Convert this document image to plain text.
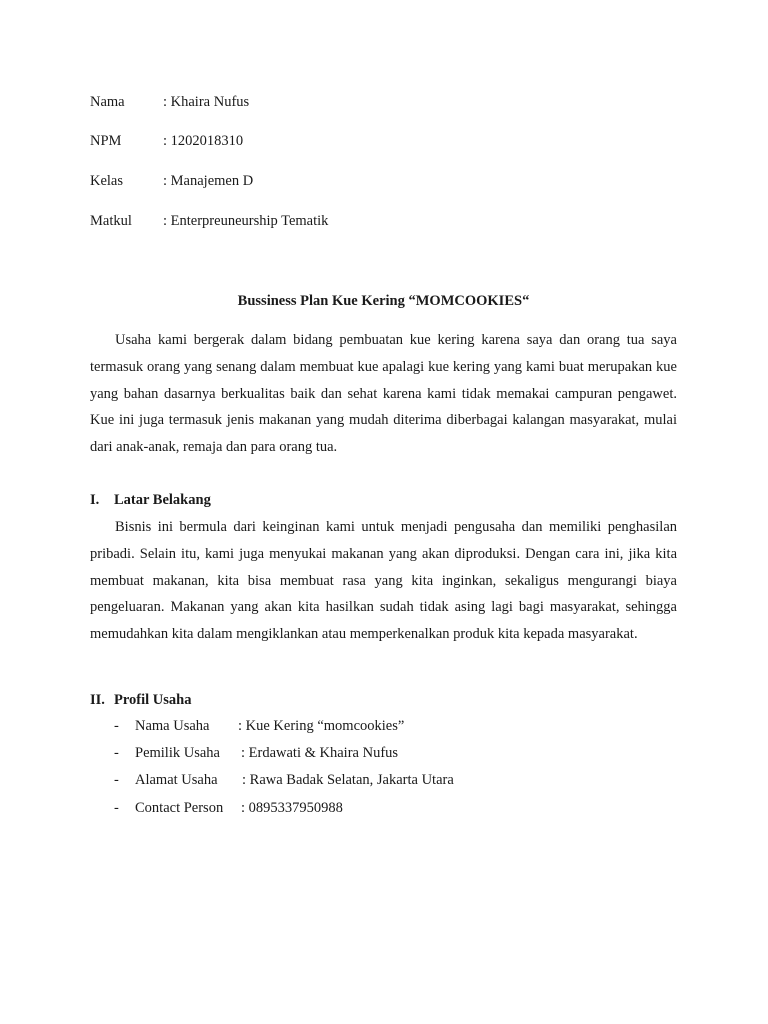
Nama	: Khaira Nufus
NPM	: 1202018310
Kelas	: Manajemen D
Matkul : Enterpreuneurship Tematik
Bussiness Plan Kue Kering “MOMCOOKIES“

Usaha kami bergerak dalam bidang pembuatan kue kering karena saya dan orang tua saya termasuk orang yang senang dalam membuat kue apalagi kue kering yang kami buat merupakan kue yang bahan dasarnya berkualitas baik dan sehat karena kami tidak memakai campuran pengawet. Kue ini juga termasuk jenis makanan yang mudah diterima diberbagai kalangan masyarakat, mulai dari anak-anak, remaja dan para orang tua.

I. Latar Belakang

Bisnis ini bermula dari keinginan kami untuk menjadi pengusaha dan memiliki penghasilan pribadi. Selain itu, kami juga menyukai makanan yang akan diproduksi. Dengan cara ini, jika kita membuat makanan, kita bisa membuat rasa yang kita inginkan, sekaligus mengurangi biaya pengeluaran. Makanan yang akan kita hasilkan sudah tidak asing lagi bagi masyarakat, sehingga memudahkan kita dalam mengiklankan atau memperkenalkan produk kita kepada masyarakat.

II. Profil Usaha
- Nama Usaha : Kue Kering “momcookies”
- Pemilik Usaha : Erdawati & Khaira Nufus
- Alamat Usaha : Rawa Badak Selatan, Jakarta Utara
- Contact Person : 0895337950988
